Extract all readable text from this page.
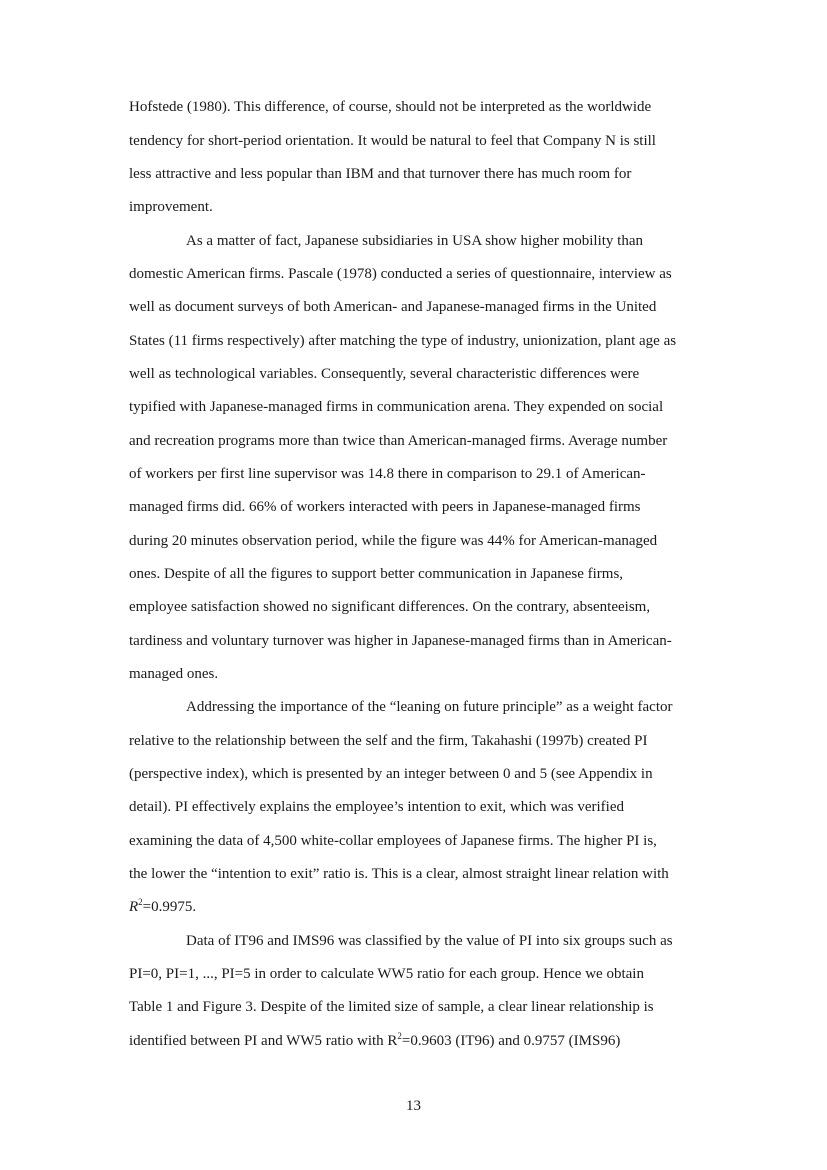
Hofstede (1980). This difference, of course, should not be interpreted as the worldwide

tendency for short-period orientation. It would be natural to feel that Company N is still

less attractive and less popular than IBM and that turnover there has much room for

improvement.

As a matter of fact, Japanese subsidiaries in USA show higher mobility than

domestic American firms. Pascale (1978) conducted a series of questionnaire, interview as

well as document surveys of both American- and Japanese-managed firms in the United

States (11 firms respectively) after matching the type of industry, unionization, plant age as

well as technological variables. Consequently, several characteristic differences were

typified with Japanese-managed firms in communication arena. They expended on social

and recreation programs more than twice than American-managed firms. Average number

of workers per first line supervisor was 14.8 there in comparison to 29.1 of American-

managed firms did. 66% of workers interacted with peers in Japanese-managed firms

during 20 minutes observation period, while the figure was 44% for American-managed

ones. Despite of all the figures to support better communication in Japanese firms,

employee satisfaction showed no significant differences. On the contrary, absenteeism,

tardiness and voluntary turnover was higher in Japanese-managed firms than in American-

managed ones.

Addressing the importance of the “leaning on future principle” as a weight factor

relative to the relationship between the self and the firm, Takahashi (1997b) created PI

(perspective index), which is presented by an integer between 0 and 5 (see Appendix in

detail). PI effectively explains the employee’s intention to exit, which was verified

examining the data of 4,500 white-collar employees of Japanese firms. The higher PI is,

the lower the “intention to exit” ratio is. This is a clear, almost straight linear relation with

$R^2=0.9975$.

Data of IT96 and IMS96 was classified by the value of PI into six groups such as

PI=0, PI=1, ..., PI=5 in order to calculate WW5 ratio for each group. Hence we obtain

Table 1 and Figure 3. Despite of the limited size of sample, a clear linear relationship is

identified between PI and WW5 ratio with $R^2=0.9603$ (IT96) and 0.9757 (IMS96)

13
